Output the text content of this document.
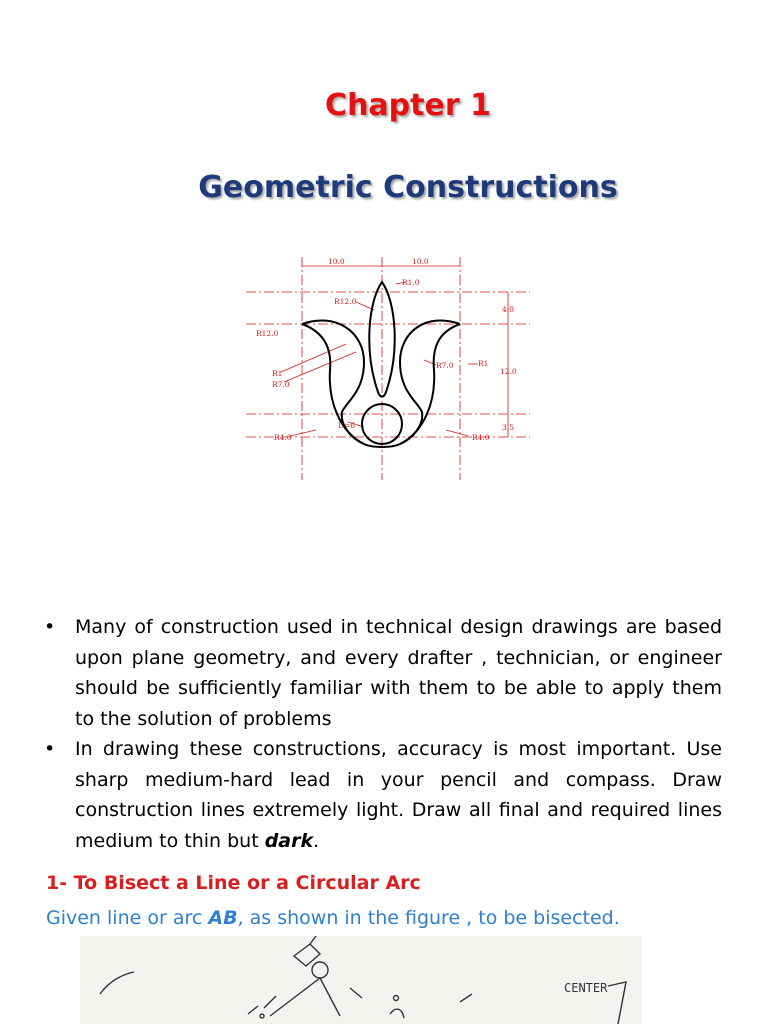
Chapter 1
Geometric Constructions
10.0	10.0
R1.0
R12.0
R12.0
R1
R7.0
R7.0	R1
R4.0	R4.0
D=6
4.0
12.0
3.5
• Many of construction used in technical design drawings are based upon plane geometry, and every drafter , technician, or engineer should be sufficiently familiar with them to be able to apply them to the solution of problems
• In drawing these constructions, accuracy is most important. Use sharp medium-hard lead in your pencil and compass. Draw construction lines extremely light. Draw all final and required lines medium to thin but dark.
1- To Bisect a Line or a Circular Arc
Given line or arc AB, as shown in the figure , to be bisected.
CENTER
